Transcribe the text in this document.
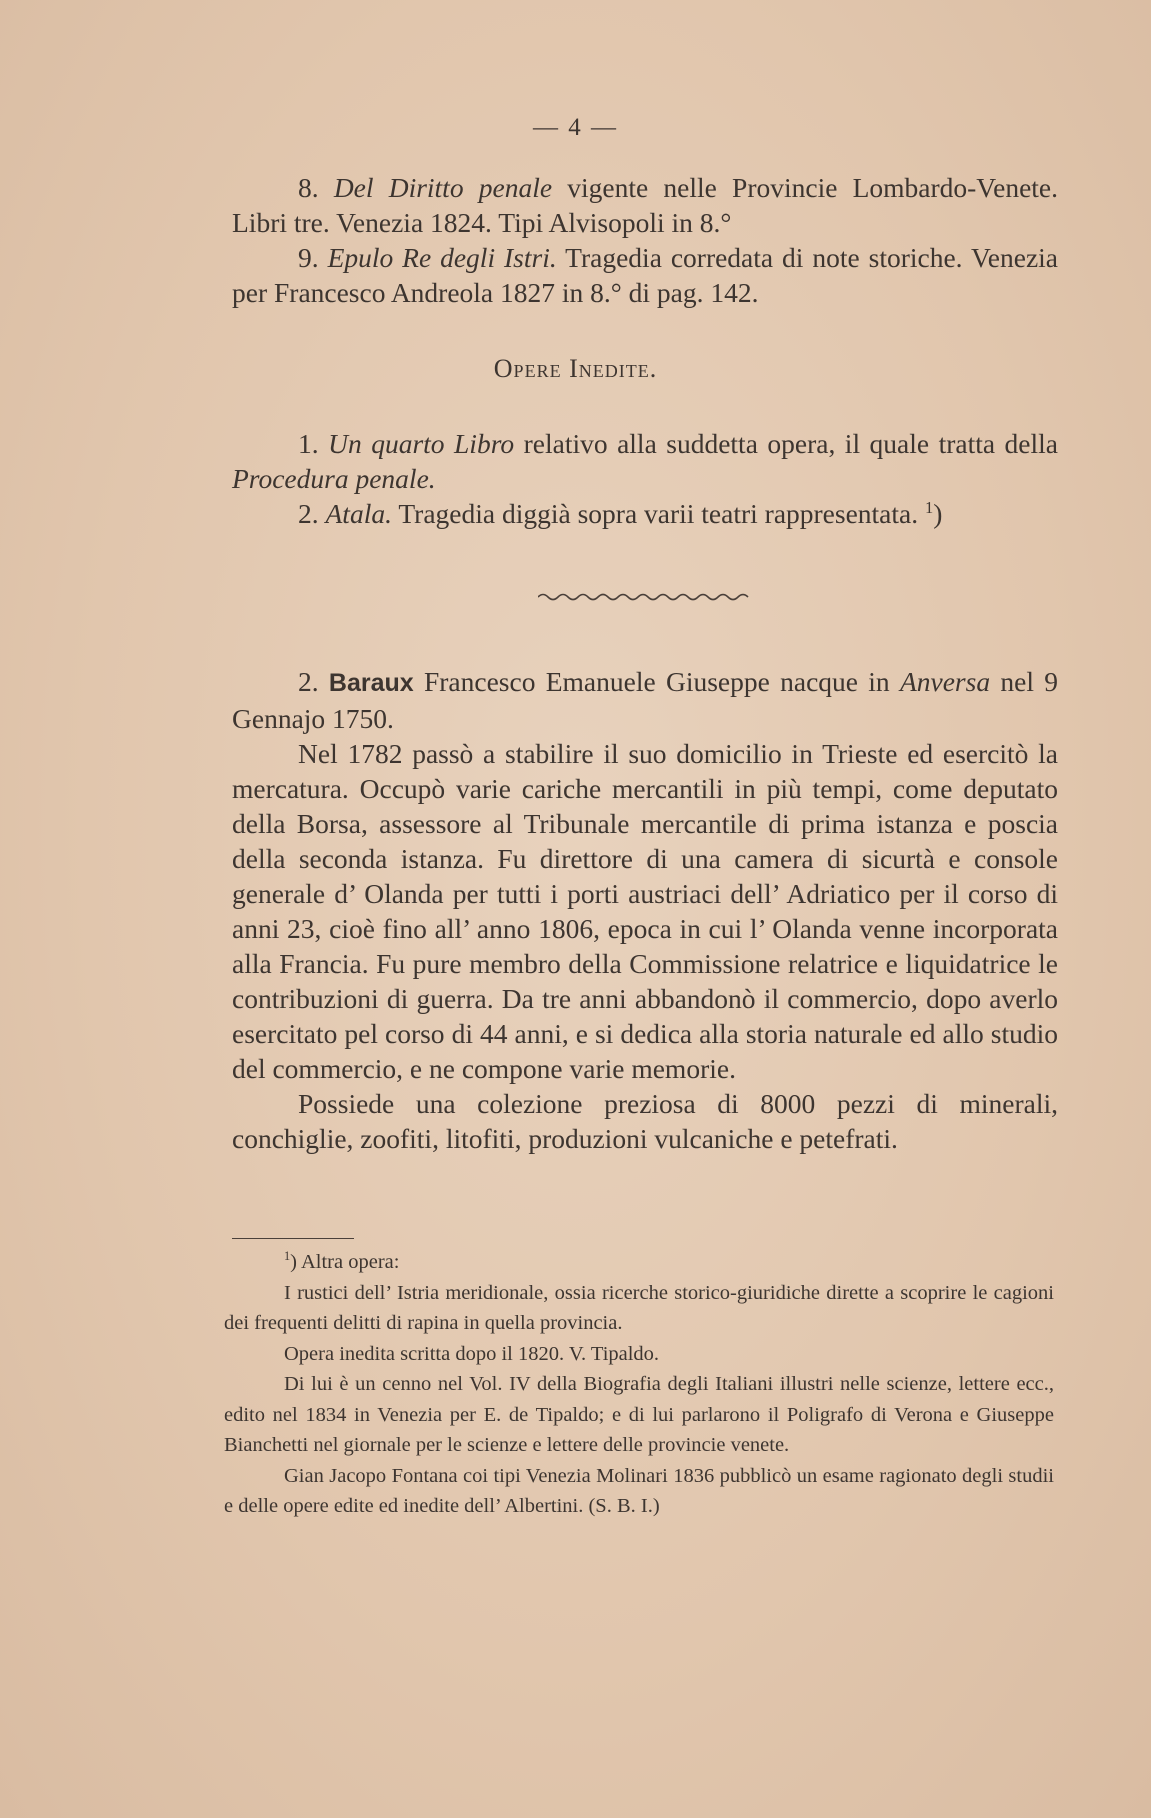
— 4 —

8. Del Diritto penale vigente nelle Provincie Lombardo-Venete. Libri tre. Venezia 1824. Tipi Alvisopoli in 8.°

9. Epulo Re degli Istri. Tragedia corredata di note storiche. Venezia per Francesco Andreola 1827 in 8.° di pag. 142.

Opere Inedite.

1. Un quarto Libro relativo alla suddetta opera, il quale tratta della Procedura penale.

2. Atala. Tragedia diggià sopra varii teatri rappresentata. $^1$)

2. Baraux Francesco Emanuele Giuseppe nacque in Anversa nel 9 Gennajo 1750.

Nel 1782 passò a stabilire il suo domicilio in Trieste ed esercitò la mercatura. Occupò varie cariche mercantili in più tempi, come deputato della Borsa, assessore al Tribunale mercantile di prima istanza e poscia della seconda istanza. Fu direttore di una camera di sicurtà e console generale d’ Olanda per tutti i porti austriaci dell’ Adriatico per il corso di anni 23, cioè fino all’ anno 1806, epoca in cui l’ Olanda venne incorporata alla Francia. Fu pure membro della Commissione relatrice e liquidatrice le contribuzioni di guerra. Da tre anni abbandonò il commercio, dopo averlo esercitato pel corso di 44 anni, e si dedica alla storia naturale ed allo studio del commercio, e ne compone varie memorie.

Possiede una colezione preziosa di 8000 pezzi di minerali, conchiglie, zoofiti, litofiti, produzioni vulcaniche e petefrati.

$^1$) Altra opera:

I rustici dell’ Istria meridionale, ossia ricerche storico-giuridiche dirette a scoprire le cagioni dei frequenti delitti di rapina in quella provincia.

Opera inedita scritta dopo il 1820. V. Tipaldo.

Di lui è un cenno nel Vol. IV della Biografia degli Italiani illustri nelle scienze, lettere ecc., edito nel 1834 in Venezia per E. de Tipaldo; e di lui parlarono il Poligrafo di Verona e Giuseppe Bianchetti nel giornale per le scienze e lettere delle provincie venete.

Gian Jacopo Fontana coi tipi Venezia Molinari 1836 pubblicò un esame ragionato degli studii e delle opere edite ed inedite dell’ Albertini. (S. B. I.)
